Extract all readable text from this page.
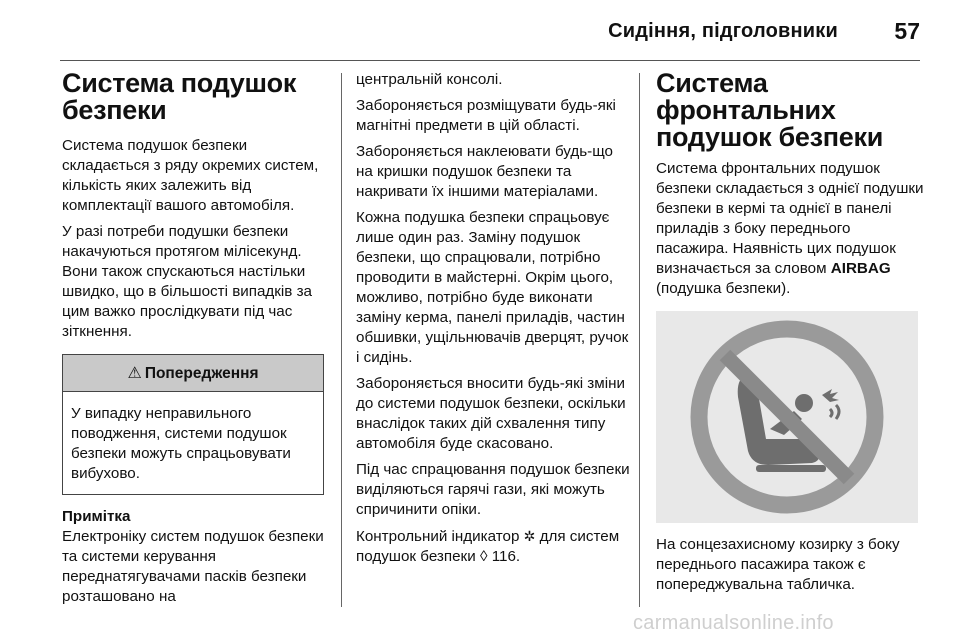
Сидіння, підголовники 57
Система подушок
безпеки

Система подушок безпеки складається з ряду окремих систем, кількість яких залежить від комплектації вашого автомобіля.

У разі потреби подушки безпеки накачуються протягом мілісекунд. Вони також спускаються настільки швидко, що в більшості випадків за цим важко прослідкувати під час зіткнення.

⚠ Попередження
У випадку неправильного поводження, системи подушок безпеки можуть спрацьовувати вибухово.
Примітка

Електроніку систем подушок безпеки та системи керування переднатягувачами пасків безпеки розташовано на

центральній консолі.

Забороняється розміщувати будь-які магнітні предмети в цій області.

Забороняється наклеювати будь-що на кришки подушок безпеки та накривати їх іншими матеріалами.

Кожна подушка безпеки спрацьовує лише один раз. Заміну подушок безпеки, що спрацювали, потрібно проводити в майстерні. Окрім цього, можливо, потрібно буде виконати заміну керма, панелі приладів, частин обшивки, ущільнювачів дверцят, ручок і сидінь.

Забороняється вносити будь-які зміни до системи подушок безпеки, оскільки внаслідок таких дій схвалення типу автомобіля буде скасовано.

Під час спрацювання подушок безпеки виділяються гарячі гази, які можуть спричинити опіки.

Контрольний індикатор ✲ для систем подушок безпеки ◊ 116.

Система фронтальних
подушок безпеки

Система фронтальних подушок безпеки складається з однієї подушки безпеки в кермі та однієї в панелі приладів з боку переднього пасажира. Наявність цих подушок визначається за словом AIRBAG (подушка безпеки).

На сонцезахисному козирку з боку переднього пасажира також є попереджувальна табличка.

carmanualsonline.info
